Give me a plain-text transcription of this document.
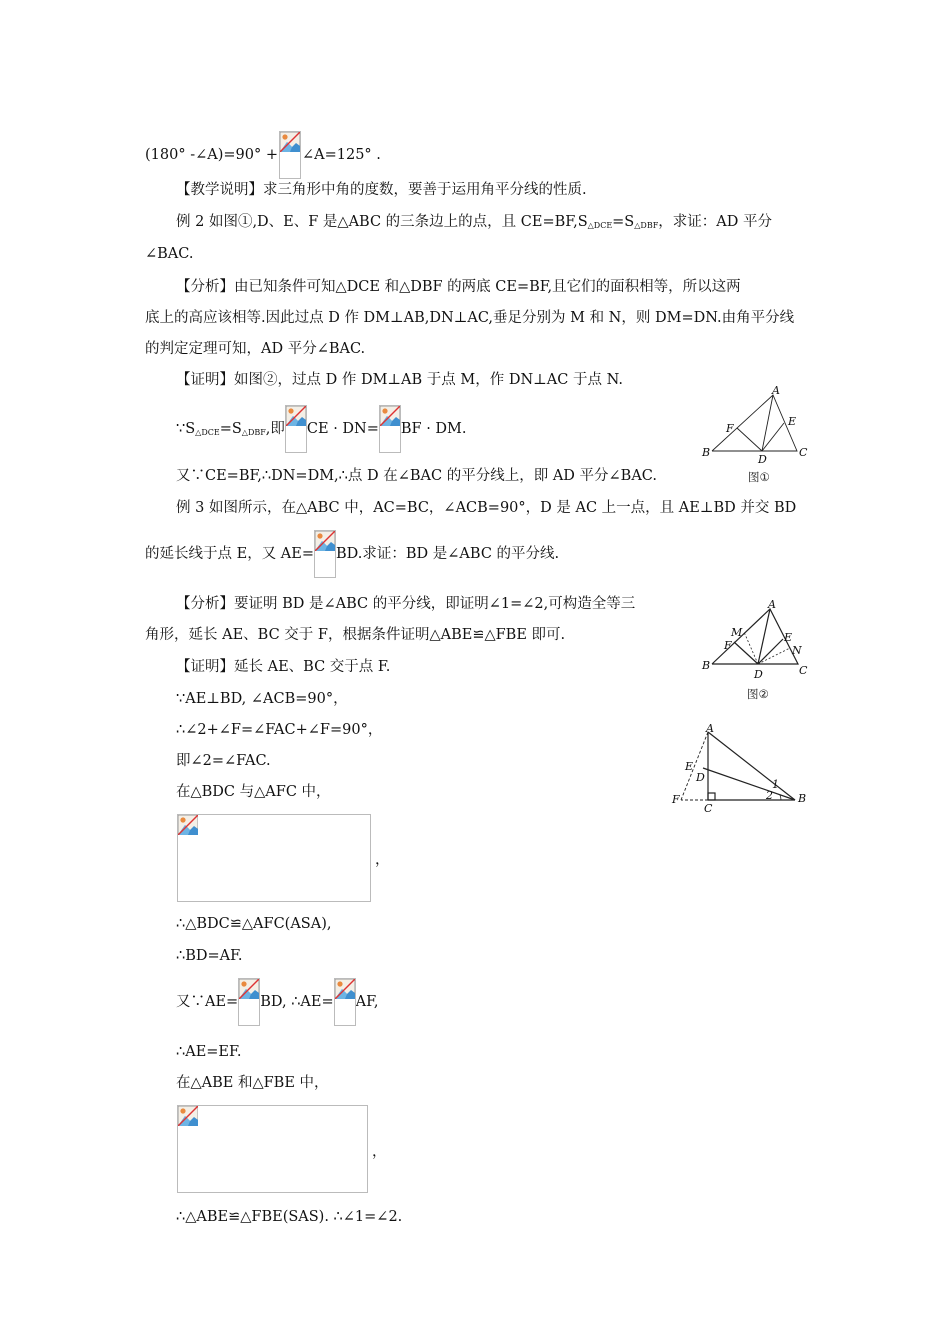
(180° -∠A)=90° + ∠A=125° .
【教学说明】求三角形中角的度数，要善于运用角平分线的性质.
例 2 如图①,D、E、F 是△ABC 的三条边上的点，且 $CE=BF,S_{\triangle DCE}=S_{\triangle DBF}$，求证：AD 平分
∠BAC.
【分析】由已知条件可知△DCE 和△DBF 的两底 CE=BF,且它们的面积相等，所以这两
底上的高应该相等.因此过点 D 作 DM⊥AB,DN⊥AC,垂足分别为 M 和 N，则 DM=DN.由角平分线
的判定定理可知，AD 平分∠BAC.
【证明】如图②，过点 D 作 DM⊥AB 于点 M，作 DN⊥AC 于点 N.
$\because S_{\triangle DCE}=S_{\triangle DBF}$,即 CE · DN= BF · DM.
又∵CE=BF,∴DN=DM,∴点 D 在∠BAC 的平分线上，即 AD 平分∠BAC.
例 3 如图所示，在△ABC 中，AC=BC，∠ACB=90°，D 是 AC 上一点，且 AE⊥BD 并交 BD
的延长线于点 E，又 AE= BD.求证：BD 是∠ABC 的平分线.
【分析】要证明 BD 是∠ABC 的平分线，即证明∠1=∠2,可构造全等三
角形，延长 AE、BC 交于 F，根据条件证明△ABE≌△FBE 即可.
【证明】延长 AE、BC 交于点 F.
∵AE⊥BD, ∠ACB=90°，
∴∠2+∠F=∠FAC+∠F=90°，
即∠2=∠FAC.
在△BDC 与△AFC 中，
，
∴△BDC≌△AFC(ASA),
∴BD=AF.
又∵AE= BD, ∴AE= AF,
∴AE=EF.
在△ABE 和△FBE 中，
，
∴△ABE≌△FBE(SAS). ∴∠1=∠2.
A
B	C
D
E
F
图①
A
B	C
D
E
F
M
N
图②
A
B
C
D
E
F
1
2
